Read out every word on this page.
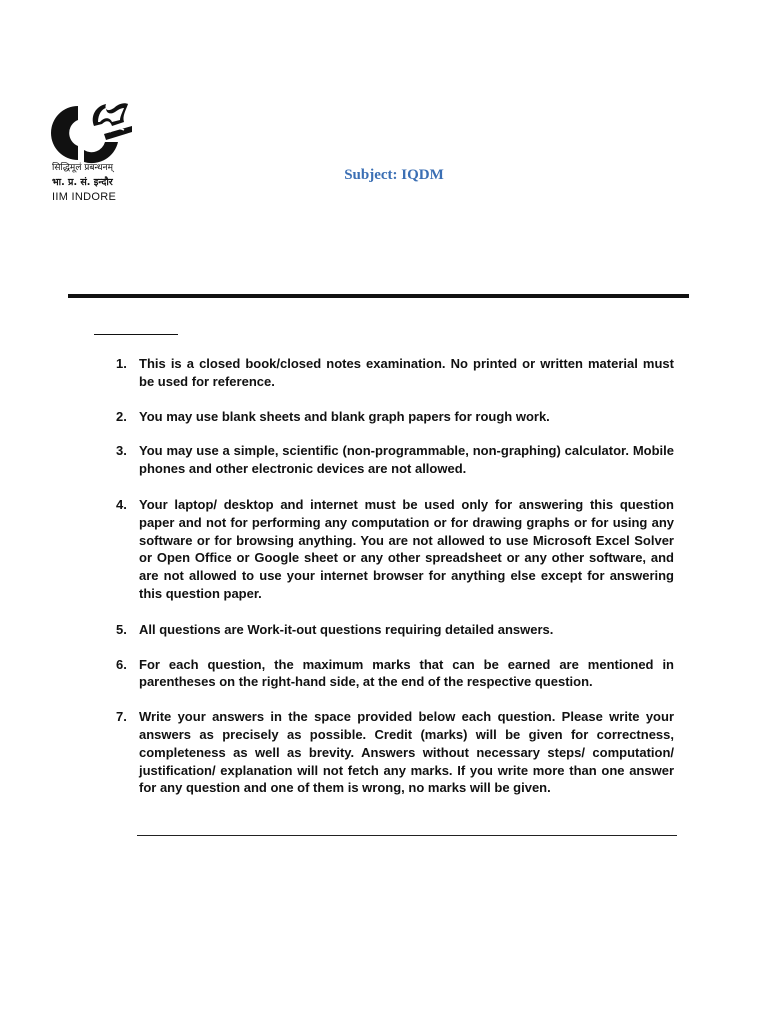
सिद्धिमूलं प्रबन्धनम्
भा. प्र. सं. इन्दौर
IIM INDORE
Subject: IQDM
1. This is a closed book/closed notes examination. No printed or written material must be used for reference.
2. You may use blank sheets and blank graph papers for rough work.
3. You may use a simple, scientific (non-programmable, non-graphing) calculator. Mobile phones and other electronic devices are not allowed.
4. Your laptop/ desktop and internet must be used only for answering this question paper and not for performing any computation or for drawing graphs or for using any software or for browsing anything. You are not allowed to use Microsoft Excel Solver or Open Office or Google sheet or any other spreadsheet or any other software, and are not allowed to use your internet browser for anything else except for answering this question paper.
5. All questions are Work-it-out questions requiring detailed answers.
6. For each question, the maximum marks that can be earned are mentioned in parentheses on the right-hand side, at the end of the respective question.
7. Write your answers in the space provided below each question. Please write your answers as precisely as possible. Credit (marks) will be given for correctness, completeness as well as brevity. Answers without necessary steps/ computation/ justification/ explanation will not fetch any marks. If you write more than one answer for any question and one of them is wrong, no marks will be given.
